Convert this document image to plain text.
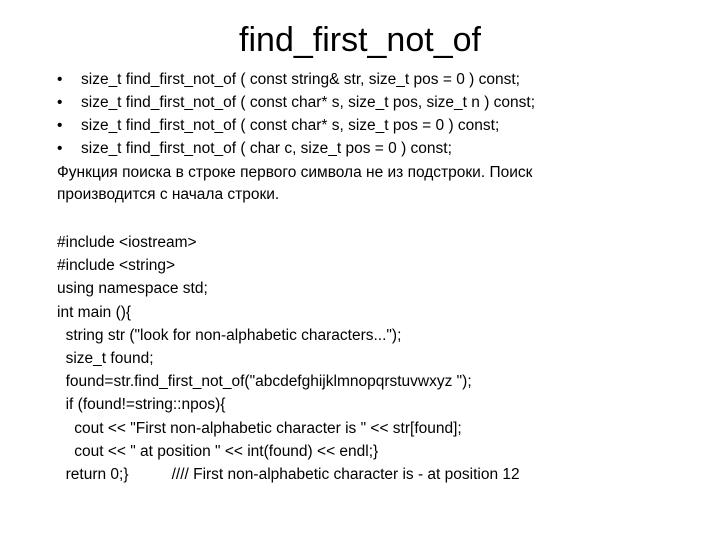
find_first_not_of
• size_t find_first_not_of ( const string& str, size_t pos = 0 ) const;
• size_t find_first_not_of ( const char* s, size_t pos, size_t n ) const;
• size_t find_first_not_of ( const char* s, size_t pos = 0 ) const;
• size_t find_first_not_of ( char c, size_t pos = 0 ) const;
Функция поиска в строке первого символа не из подстроки. Поиск
производится с начала строки.
#include <iostream>
#include <string>
using namespace std;
int main (){
string str ("look for non-alphabetic characters...");
size_t found;
found=str.find_first_not_of("abcdefghijklmnopqrstuvwxyz ");
if (found!=string::npos){
cout << "First non-alphabetic character is " << str[found];
cout << " at position " << int(found) << endl;}
return 0;}          //// First non-alphabetic character is - at position 12
